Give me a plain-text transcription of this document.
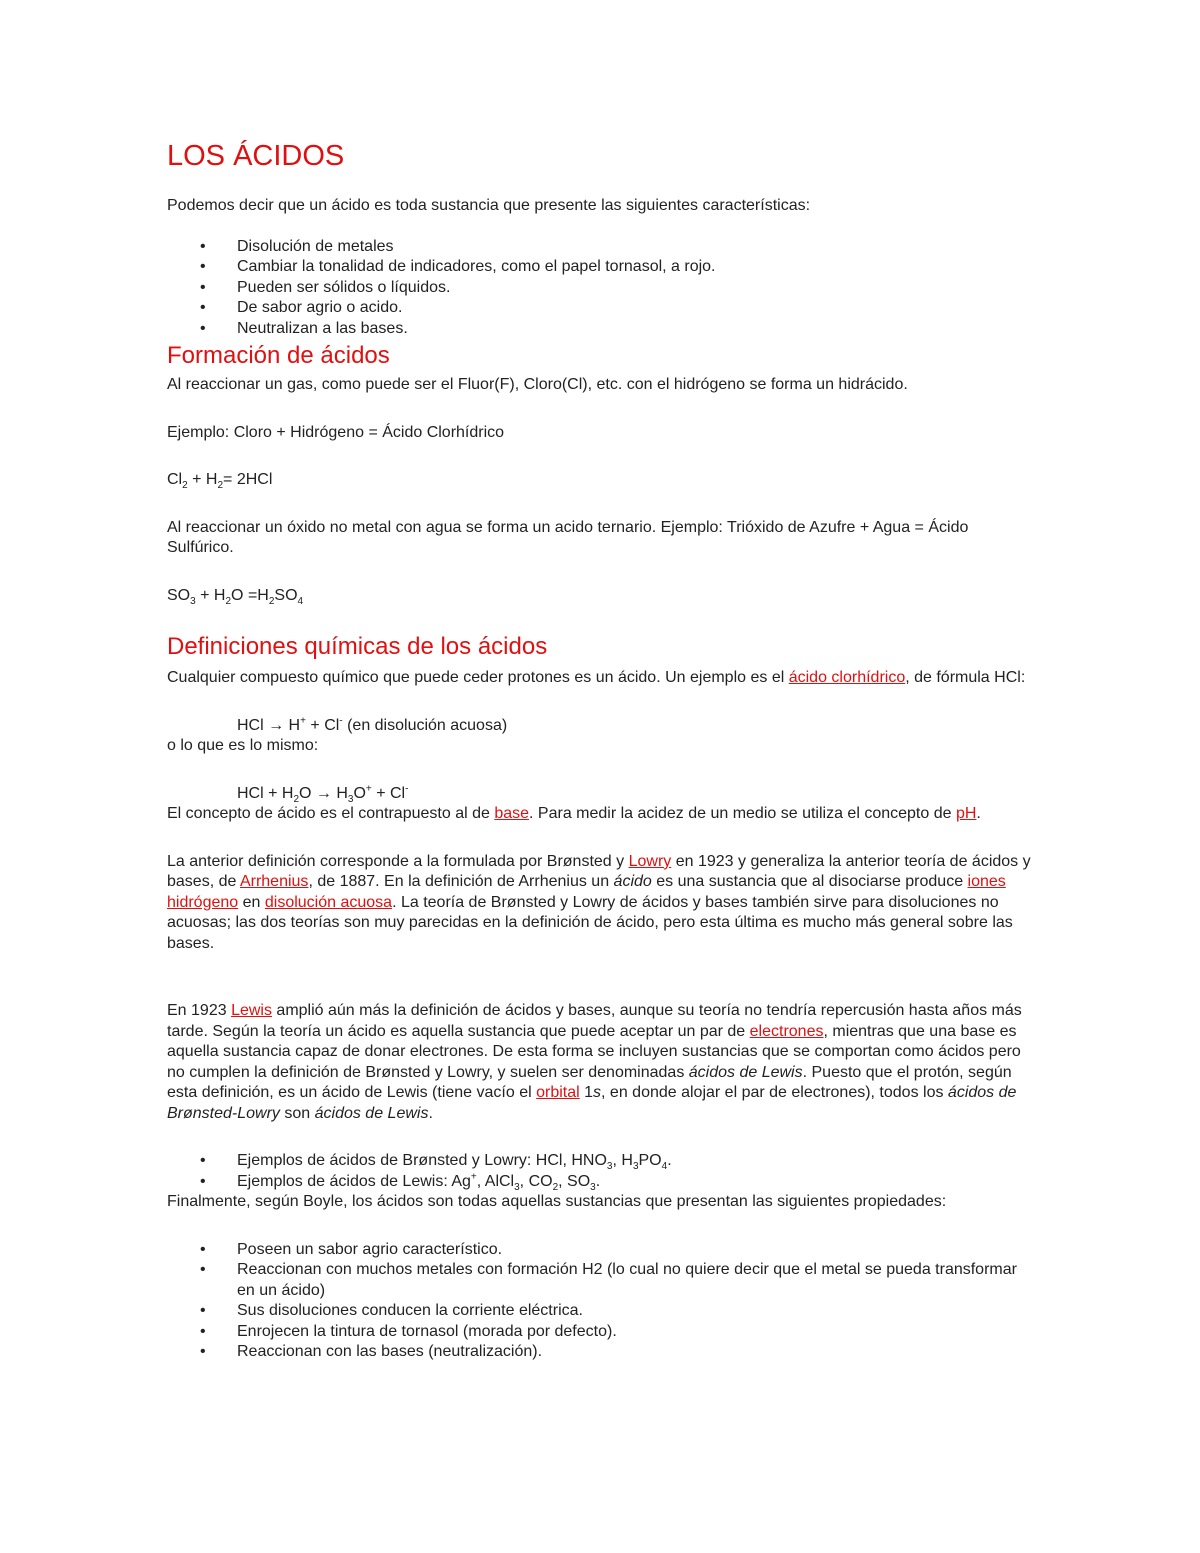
LOS ÁCIDOS

Podemos decir que un ácido es toda sustancia que presente las siguientes características:

• Disolución de metales
• Cambiar la tonalidad de indicadores, como el papel tornasol, a rojo.
• Pueden ser sólidos o líquidos.
• De sabor agrio o acido.
• Neutralizan a las bases.
Formación de ácidos

Al reaccionar un gas, como puede ser el Fluor(F), Cloro(Cl), etc. con el hidrógeno se forma un hidrácido.

Ejemplo: Cloro + Hidrógeno = Ácido Clorhídrico

$Cl_2 + H_2= 2HCl$

Al reaccionar un óxido no metal con agua se forma un acido ternario. Ejemplo: Trióxido de Azufre + Agua = Ácido Sulfúrico.

$SO_3 + H_2O =H_2SO_4$

Definiciones químicas de los ácidos

Cualquier compuesto químico que puede ceder protones es un ácido. Un ejemplo es el ácido clorhídrico, de fórmula HCl:

HCl → H+ + Cl- (en disolución acuosa)

o lo que es lo mismo:

HCl + $H_2O \to H_3O^+ + Cl^-$

El concepto de ácido es el contrapuesto al de base. Para medir la acidez de un medio se utiliza el concepto de pH.

La anterior definición corresponde a la formulada por Brønsted y Lowry en 1923 y generaliza la anterior teoría de ácidos y bases, de Arrhenius, de 1887. En la definición de Arrhenius un ácido es una sustancia que al disociarse produce iones hidrógeno en disolución acuosa. La teoría de Brønsted y Lowry de ácidos y bases también sirve para disoluciones no acuosas; las dos teorías son muy parecidas en la definición de ácido, pero esta última es mucho más general sobre las bases.

En 1923 Lewis amplió aún más la definición de ácidos y bases, aunque su teoría no tendría repercusión hasta años más tarde. Según la teoría un ácido es aquella sustancia que puede aceptar un par de electrones, mientras que una base es aquella sustancia capaz de donar electrones. De esta forma se incluyen sustancias que se comportan como ácidos pero no cumplen la definición de Brønsted y Lowry, y suelen ser denominadas ácidos de Lewis. Puesto que el protón, según esta definición, es un ácido de Lewis (tiene vacío el orbital 1s, en donde alojar el par de electrones), todos los ácidos de Brønsted-Lowry son ácidos de Lewis.

• Ejemplos de ácidos de Brønsted y Lowry: HCl, $HNO_3$, $H_3PO_4$.
• Ejemplos de ácidos de Lewis: Ag+, AlCl$_3$, $CO_2$, $SO_3$.

Finalmente, según Boyle, los ácidos son todas aquellas sustancias que presentan las siguientes propiedades:

• Poseen un sabor agrio característico.
• Reaccionan con muchos metales con formación H2 (lo cual no quiere decir que el metal se pueda transformar en un ácido)
• Sus disoluciones conducen la corriente eléctrica.
• Enrojecen la tintura de tornasol (morada por defecto).
• Reaccionan con las bases (neutralización).
